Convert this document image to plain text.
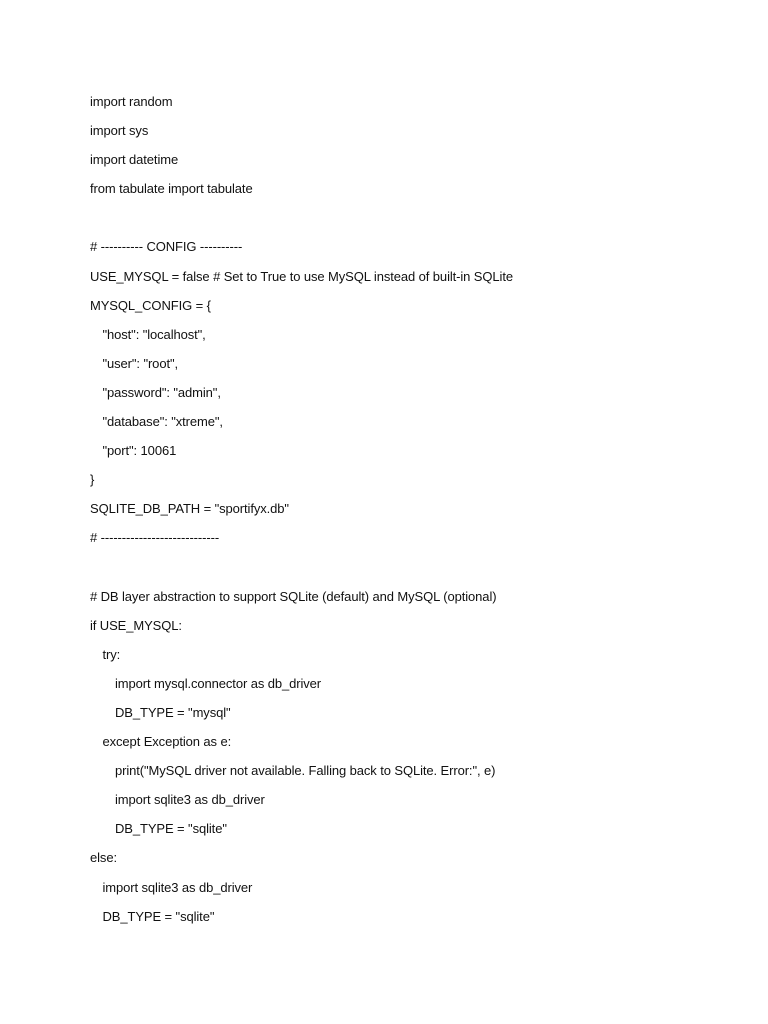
import random
import sys
import datetime
from tabulate import tabulate
# ---------- CONFIG ----------
USE_MYSQL = false # Set to True to use MySQL instead of built-in SQLite
MYSQL_CONFIG = {
"host": "localhost",
"user": "root",
"password": "admin",
"database": "xtreme",
"port": 10061
}
SQLITE_DB_PATH = "sportifyx.db"
# ----------------------------
# DB layer abstraction to support SQLite (default) and MySQL (optional)
if USE_MYSQL:
try:
import mysql.connector as db_driver
DB_TYPE = "mysql"
except Exception as e:
print("MySQL driver not available. Falling back to SQLite. Error:", e)
import sqlite3 as db_driver
DB_TYPE = "sqlite"
else:
import sqlite3 as db_driver
DB_TYPE = "sqlite"
